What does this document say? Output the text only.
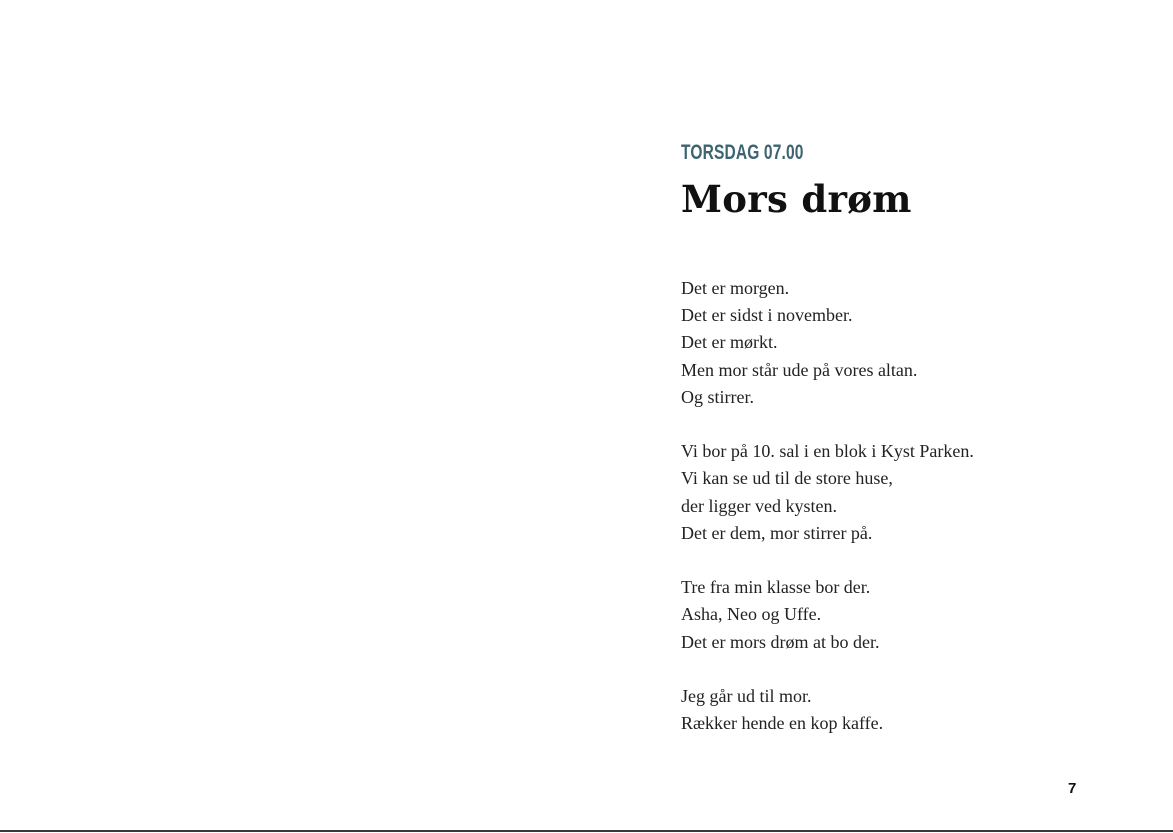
TORSDAG 07.00

Mors drøm
Det er morgen.
Det er sidst i november.
Det er mørkt.
Men mor står ude på vores altan.
Og stirrer.
Vi bor på 10. sal i en blok i Kyst Parken.
Vi kan se ud til de store huse,
der ligger ved kysten.
Det er dem, mor stirrer på.
Tre fra min klasse bor der.
Asha, Neo og Uffe.
Det er mors drøm at bo der.
Jeg går ud til mor.
Rækker hende en kop kaffe.

7
